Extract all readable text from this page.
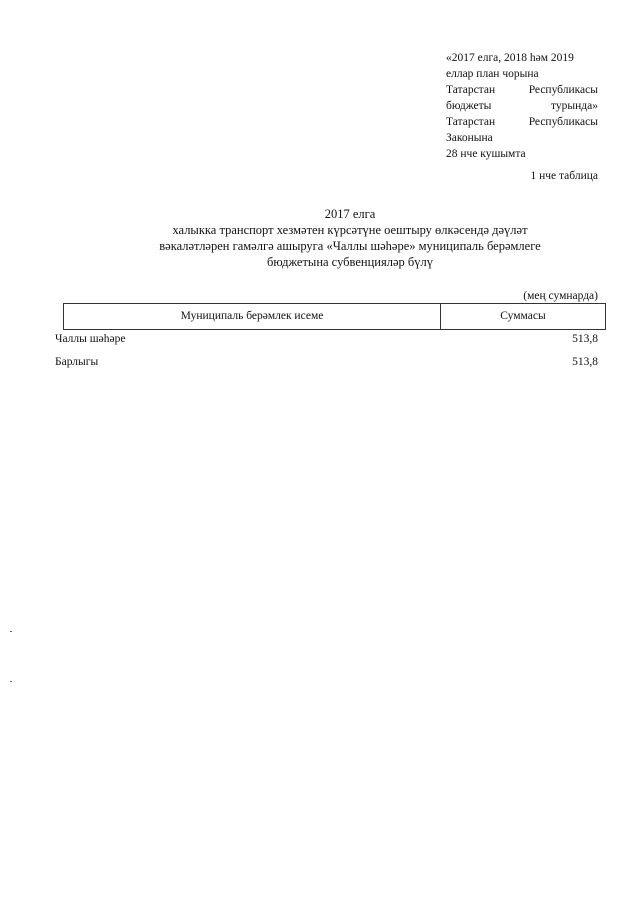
«2017 елга, 2018 һәм 2019
еллар план чорына
Татарстан	Республикасы
бюджеты	турында»
Татарстан	Республикасы
Законына
28 нче кушымта
1 нче таблица
2017 елга
халыкка транспорт хезмәтен күрсәтүне оештыру өлкәсендә дәүләт
вәкаләтләрен гамәлгә ашыруга «Чаллы шәһәре» муниципаль берәмлеге
бюджетына субвенцияләр бүлү
(мең сумнарда)
Муниципаль берәмлек исеме	Суммасы
Чаллы шәһәре	513,8
Барлыгы	513,8
